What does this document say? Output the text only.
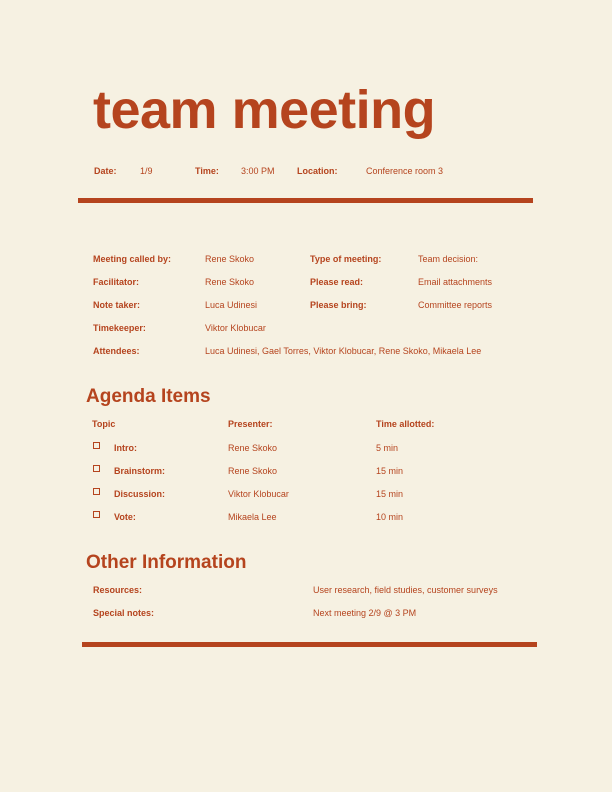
team meeting
Date:	1/9	Time: 3:00 PM Location:	Conference room 3
Meeting called by:	Rene Skoko	Type of meeting:	Team decision:
Facilitator:	Rene Skoko	Please read:	Email attachments
Note taker:	Luca Udinesi	Please bring:	Committee reports
Timekeeper:	Viktor Klobucar
Attendees:	Luca Udinesi, Gael Torres, Viktor Klobucar, Rene Skoko, Mikaela Lee
Agenda Items
Topic	Presenter:	Time allotted:
Intro:	Rene Skoko	5 min
Brainstorm:	Rene Skoko	15 min
Discussion:	Viktor Klobucar	15 min
Vote:	Mikaela Lee	10 min
Other Information
Resources:	User research, field studies, customer surveys
Special notes:	Next meeting 2/9 @ 3 PM
